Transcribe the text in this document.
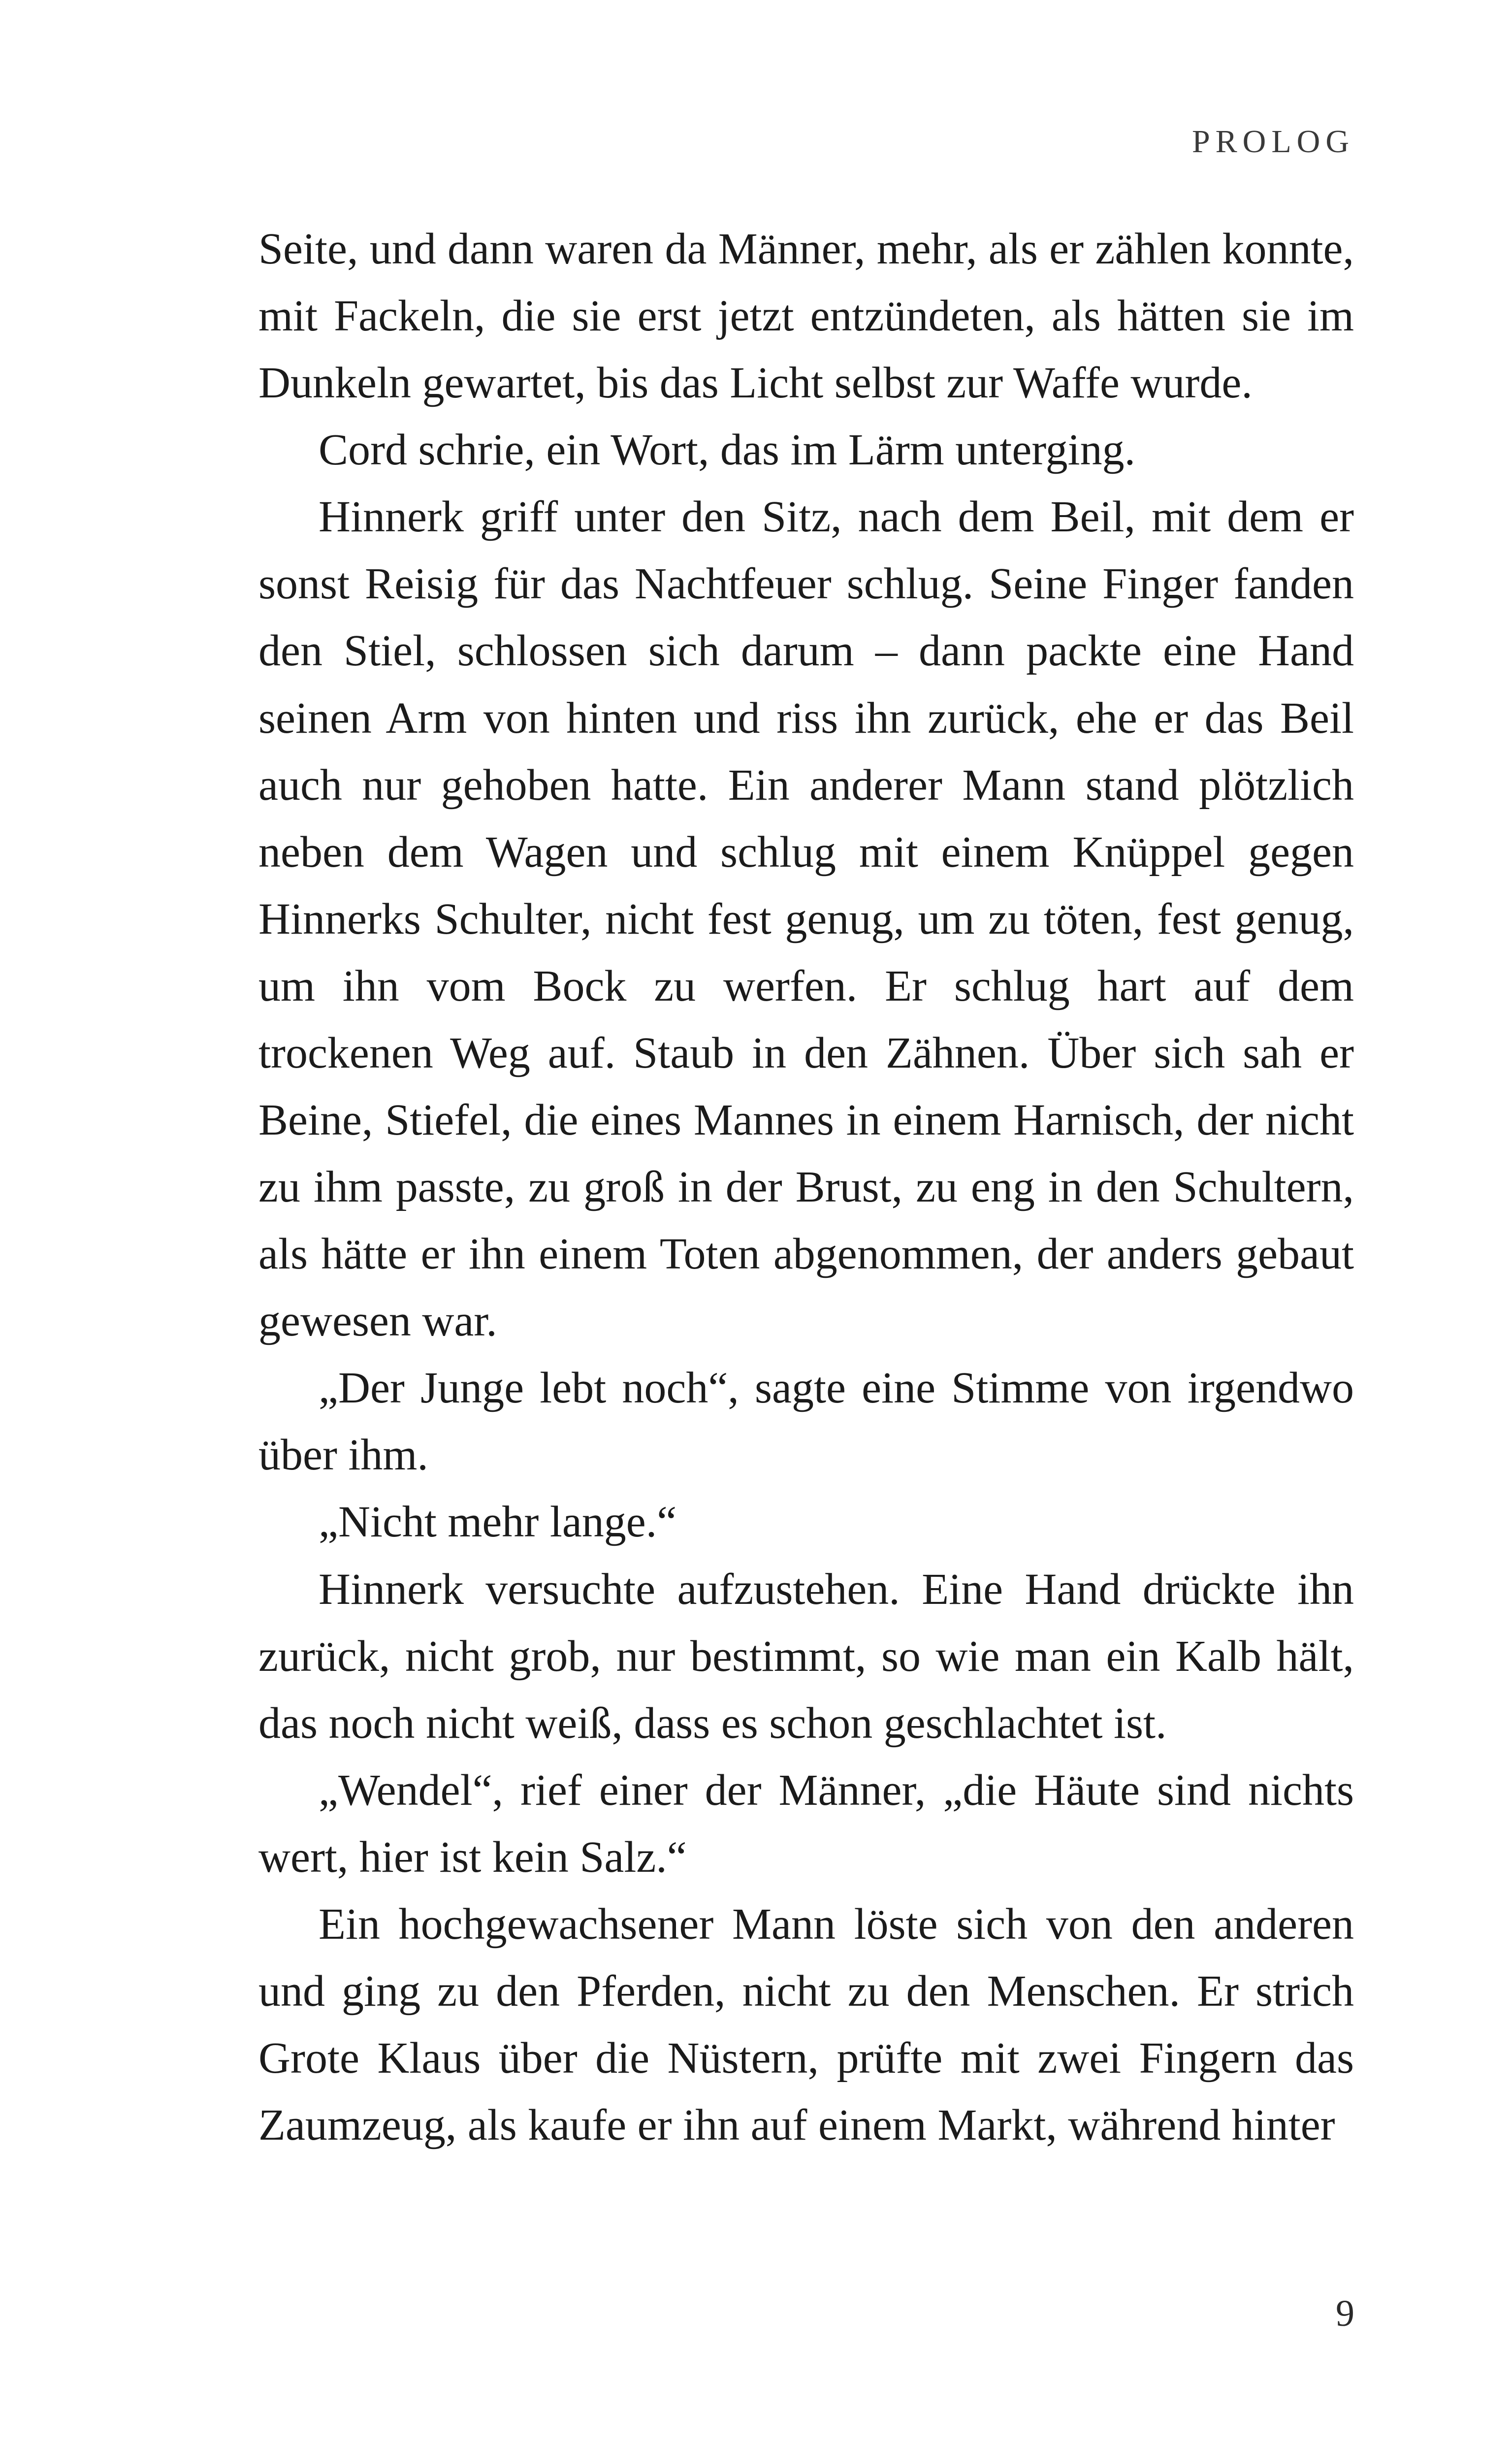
PROLOG

Seite, und dann waren da Männer, mehr, als er zählen konnte, mit Fackeln, die sie erst jetzt entzündeten, als hätten sie im Dunkeln gewartet, bis das Licht selbst zur Waffe wurde.

Cord schrie, ein Wort, das im Lärm unterging.

Hinnerk griff unter den Sitz, nach dem Beil, mit dem er sonst Reisig für das Nachtfeuer schlug. Seine Finger fanden den Stiel, schlossen sich darum – dann packte eine Hand seinen Arm von hinten und riss ihn zurück, ehe er das Beil auch nur gehoben hatte. Ein anderer Mann stand plötzlich neben dem Wagen und schlug mit einem Knüppel gegen Hinnerks Schulter, nicht fest genug, um zu töten, fest genug, um ihn vom Bock zu werfen. Er schlug hart auf dem trockenen Weg auf. Staub in den Zähnen. Über sich sah er Beine, Stiefel, die eines Mannes in einem Harnisch, der nicht zu ihm passte, zu groß in der Brust, zu eng in den Schultern, als hätte er ihn einem Toten abgenommen, der anders gebaut gewesen war.

„Der Junge lebt noch“, sagte eine Stimme von irgendwo über ihm.

„Nicht mehr lange.“

Hinnerk versuchte aufzustehen. Eine Hand drückte ihn zurück, nicht grob, nur bestimmt, so wie man ein Kalb hält, das noch nicht weiß, dass es schon geschlachtet ist.

„Wendel“, rief einer der Männer, „die Häute sind nichts wert, hier ist kein Salz.“

Ein hochgewachsener Mann löste sich von den anderen und ging zu den Pferden, nicht zu den Menschen. Er strich Grote Klaus über die Nüstern, prüfte mit zwei Fingern das Zaumzeug, als kaufe er ihn auf einem Markt, während hinter

9
